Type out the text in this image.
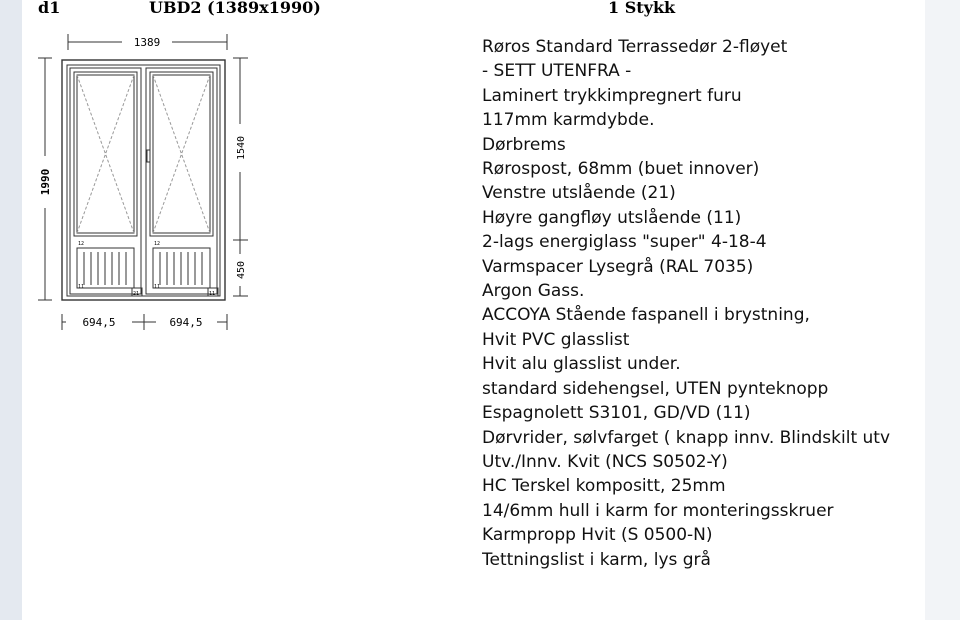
d1	UBD2 (1389x1990)	1 Stykk
1389
1990
1540
450
694,5	694,5
12	12
11	11
21	11
Røros Standard Terrassedør 2-fløyet
- SETT UTENFRA -
Laminert trykkimpregnert furu
117mm karmdybde.
Dørbrems
Rørospost, 68mm (buet innover)
Venstre utslående (21)
Høyre gangfløy utslående (11)
2-lags energiglass "super" 4-18-4
Varmspacer Lysegrå (RAL 7035)
Argon Gass.
ACCOYA Stående faspanell i brystning,
Hvit PVC glasslist
Hvit alu glasslist under.
standard sidehengsel, UTEN pynteknopp
Espagnolett S3101, GD/VD (11)
Dørvrider, sølvfarget ( knapp innv. Blindskilt utv
Utv./Innv. Kvit (NCS S0502-Y)
HC Terskel kompositt, 25mm
14/6mm hull i karm for monteringsskruer
Karmpropp Hvit (S 0500-N)
Tettningslist i karm, lys grå
